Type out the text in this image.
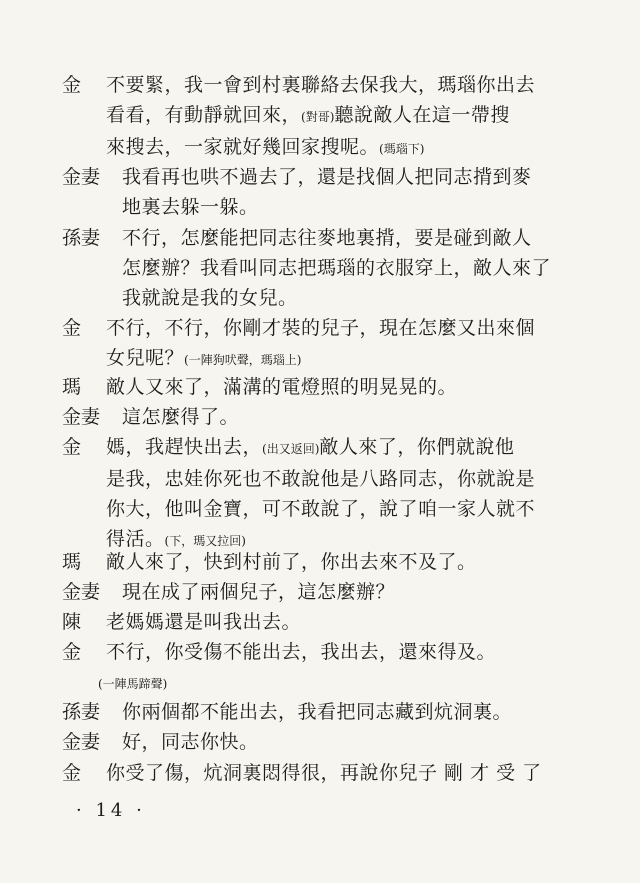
金 不要緊，我一會到村裏聯絡去保我大，瑪瑙你出去
看看，有動靜就回來，(對哥)聽說敵人在這一帶搜
來搜去，一家就好幾回家搜呢。(瑪瑙下)
金妻 我看再也哄不過去了，還是找個人把同志揹到麥
地裏去躲一躲。
孫妻 不行，怎麼能把同志往麥地裏揹，要是碰到敵人
怎麼辦？我看叫同志把瑪瑙的衣服穿上，敵人來了
我就說是我的女兒。
金 不行，不行，你剛才裝的兒子，現在怎麼又出來個
女兒呢？(一陣狗吠聲，瑪瑙上)
瑪 敵人又來了，滿溝的電燈照的明晃晃的。
金妻 這怎麼得了。
金 媽，我趕快出去，(出又返回)敵人來了，你們就說他
是我，忠娃你死也不敢說他是八路同志，你就說是
你大，他叫金寶，可不敢說了，說了咱一家人就不
得活。(下，瑪又拉回)
瑪 敵人來了，快到村前了，你出去來不及了。
金妻 現在成了兩個兒子，這怎麼辦？
陳 老媽媽還是叫我出去。
金 不行，你受傷不能出去，我出去，還來得及。
(一陣馬蹄聲)
孫妻 你兩個都不能出去，我看把同志藏到炕洞裏。
金妻 好，同志你快。
金 你受了傷，炕洞裏悶得很，再說你兒子 剛 才 受 了
· 14 ·
